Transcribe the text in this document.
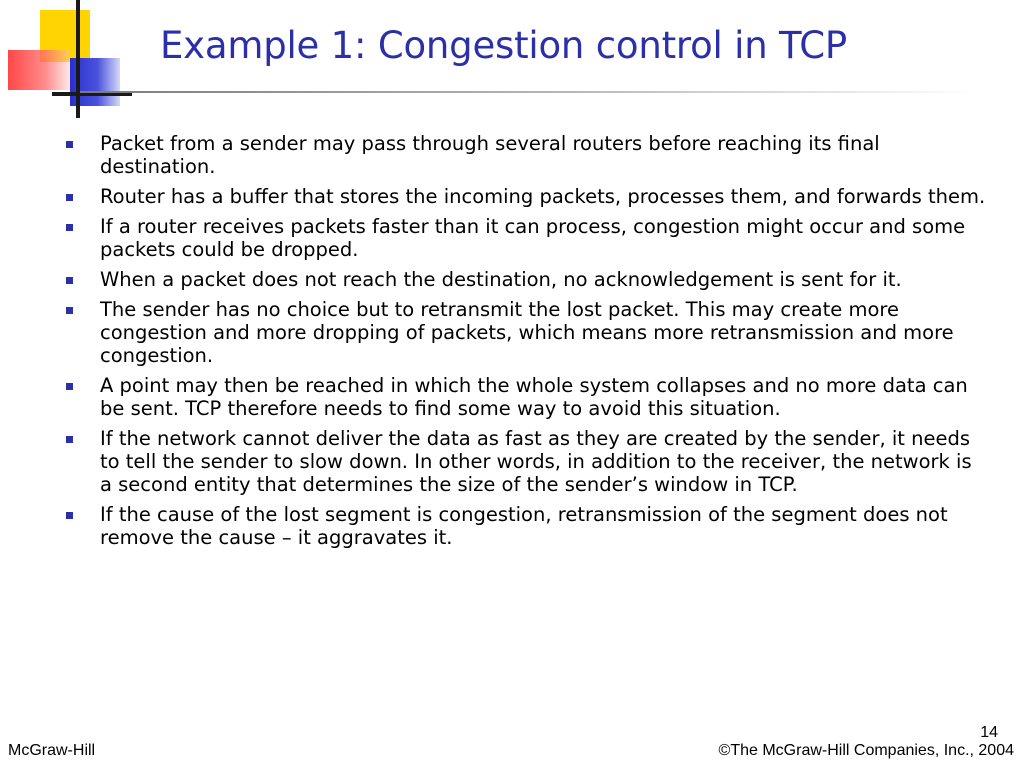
Example 1: Congestion control in TCP
Packet from a sender may pass through several routers before reaching its final destination.
Router has a buffer that stores the incoming packets, processes them, and forwards them.
If a router receives packets faster than it can process, congestion might occur and some packets could be dropped.
When a packet does not reach the destination, no acknowledgement is sent for it.
The sender has no choice but to retransmit the lost packet. This may create more congestion and more dropping of packets, which means more retransmission and more congestion.
A point may then be reached in which the whole system collapses and no more data can be sent. TCP therefore needs to find some way to avoid this situation.
If the network cannot deliver the data as fast as they are created by the sender, it needs to tell the sender to slow down. In other words, in addition to the receiver, the network is a second entity that determines the size of the sender’s window in TCP.
If the cause of the lost segment is congestion, retransmission of the segment does not remove the cause – it aggravates it.
14
McGraw-Hill	©The McGraw-Hill Companies, Inc., 2004
